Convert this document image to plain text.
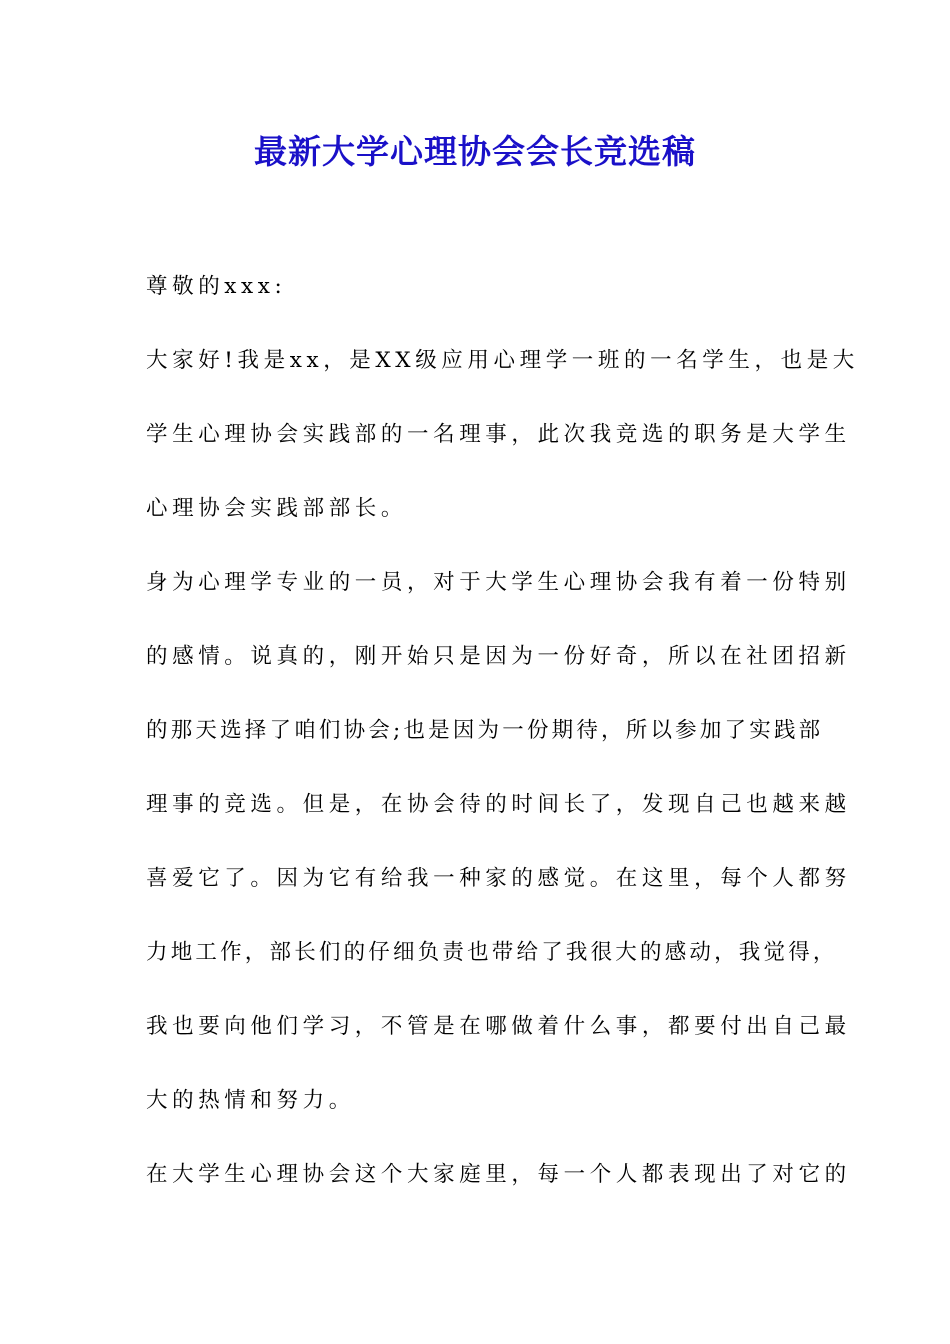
最新大学心理协会会长竞选稿
尊敬的xxx:
大家好!我是xx，是XX级应用心理学一班的一名学生，也是大
学生心理协会实践部的一名理事，此次我竞选的职务是大学生
心理协会实践部部长。
身为心理学专业的一员，对于大学生心理协会我有着一份特别
的感情。说真的，刚开始只是因为一份好奇，所以在社团招新
的那天选择了咱们协会;也是因为一份期待，所以参加了实践部
理事的竞选。但是，在协会待的时间长了，发现自己也越来越
喜爱它了。因为它有给我一种家的感觉。在这里，每个人都努
力地工作，部长们的仔细负责也带给了我很大的感动，我觉得，
我也要向他们学习，不管是在哪做着什么事，都要付出自己最
大的热情和努力。
在大学生心理协会这个大家庭里，每一个人都表现出了对它的
